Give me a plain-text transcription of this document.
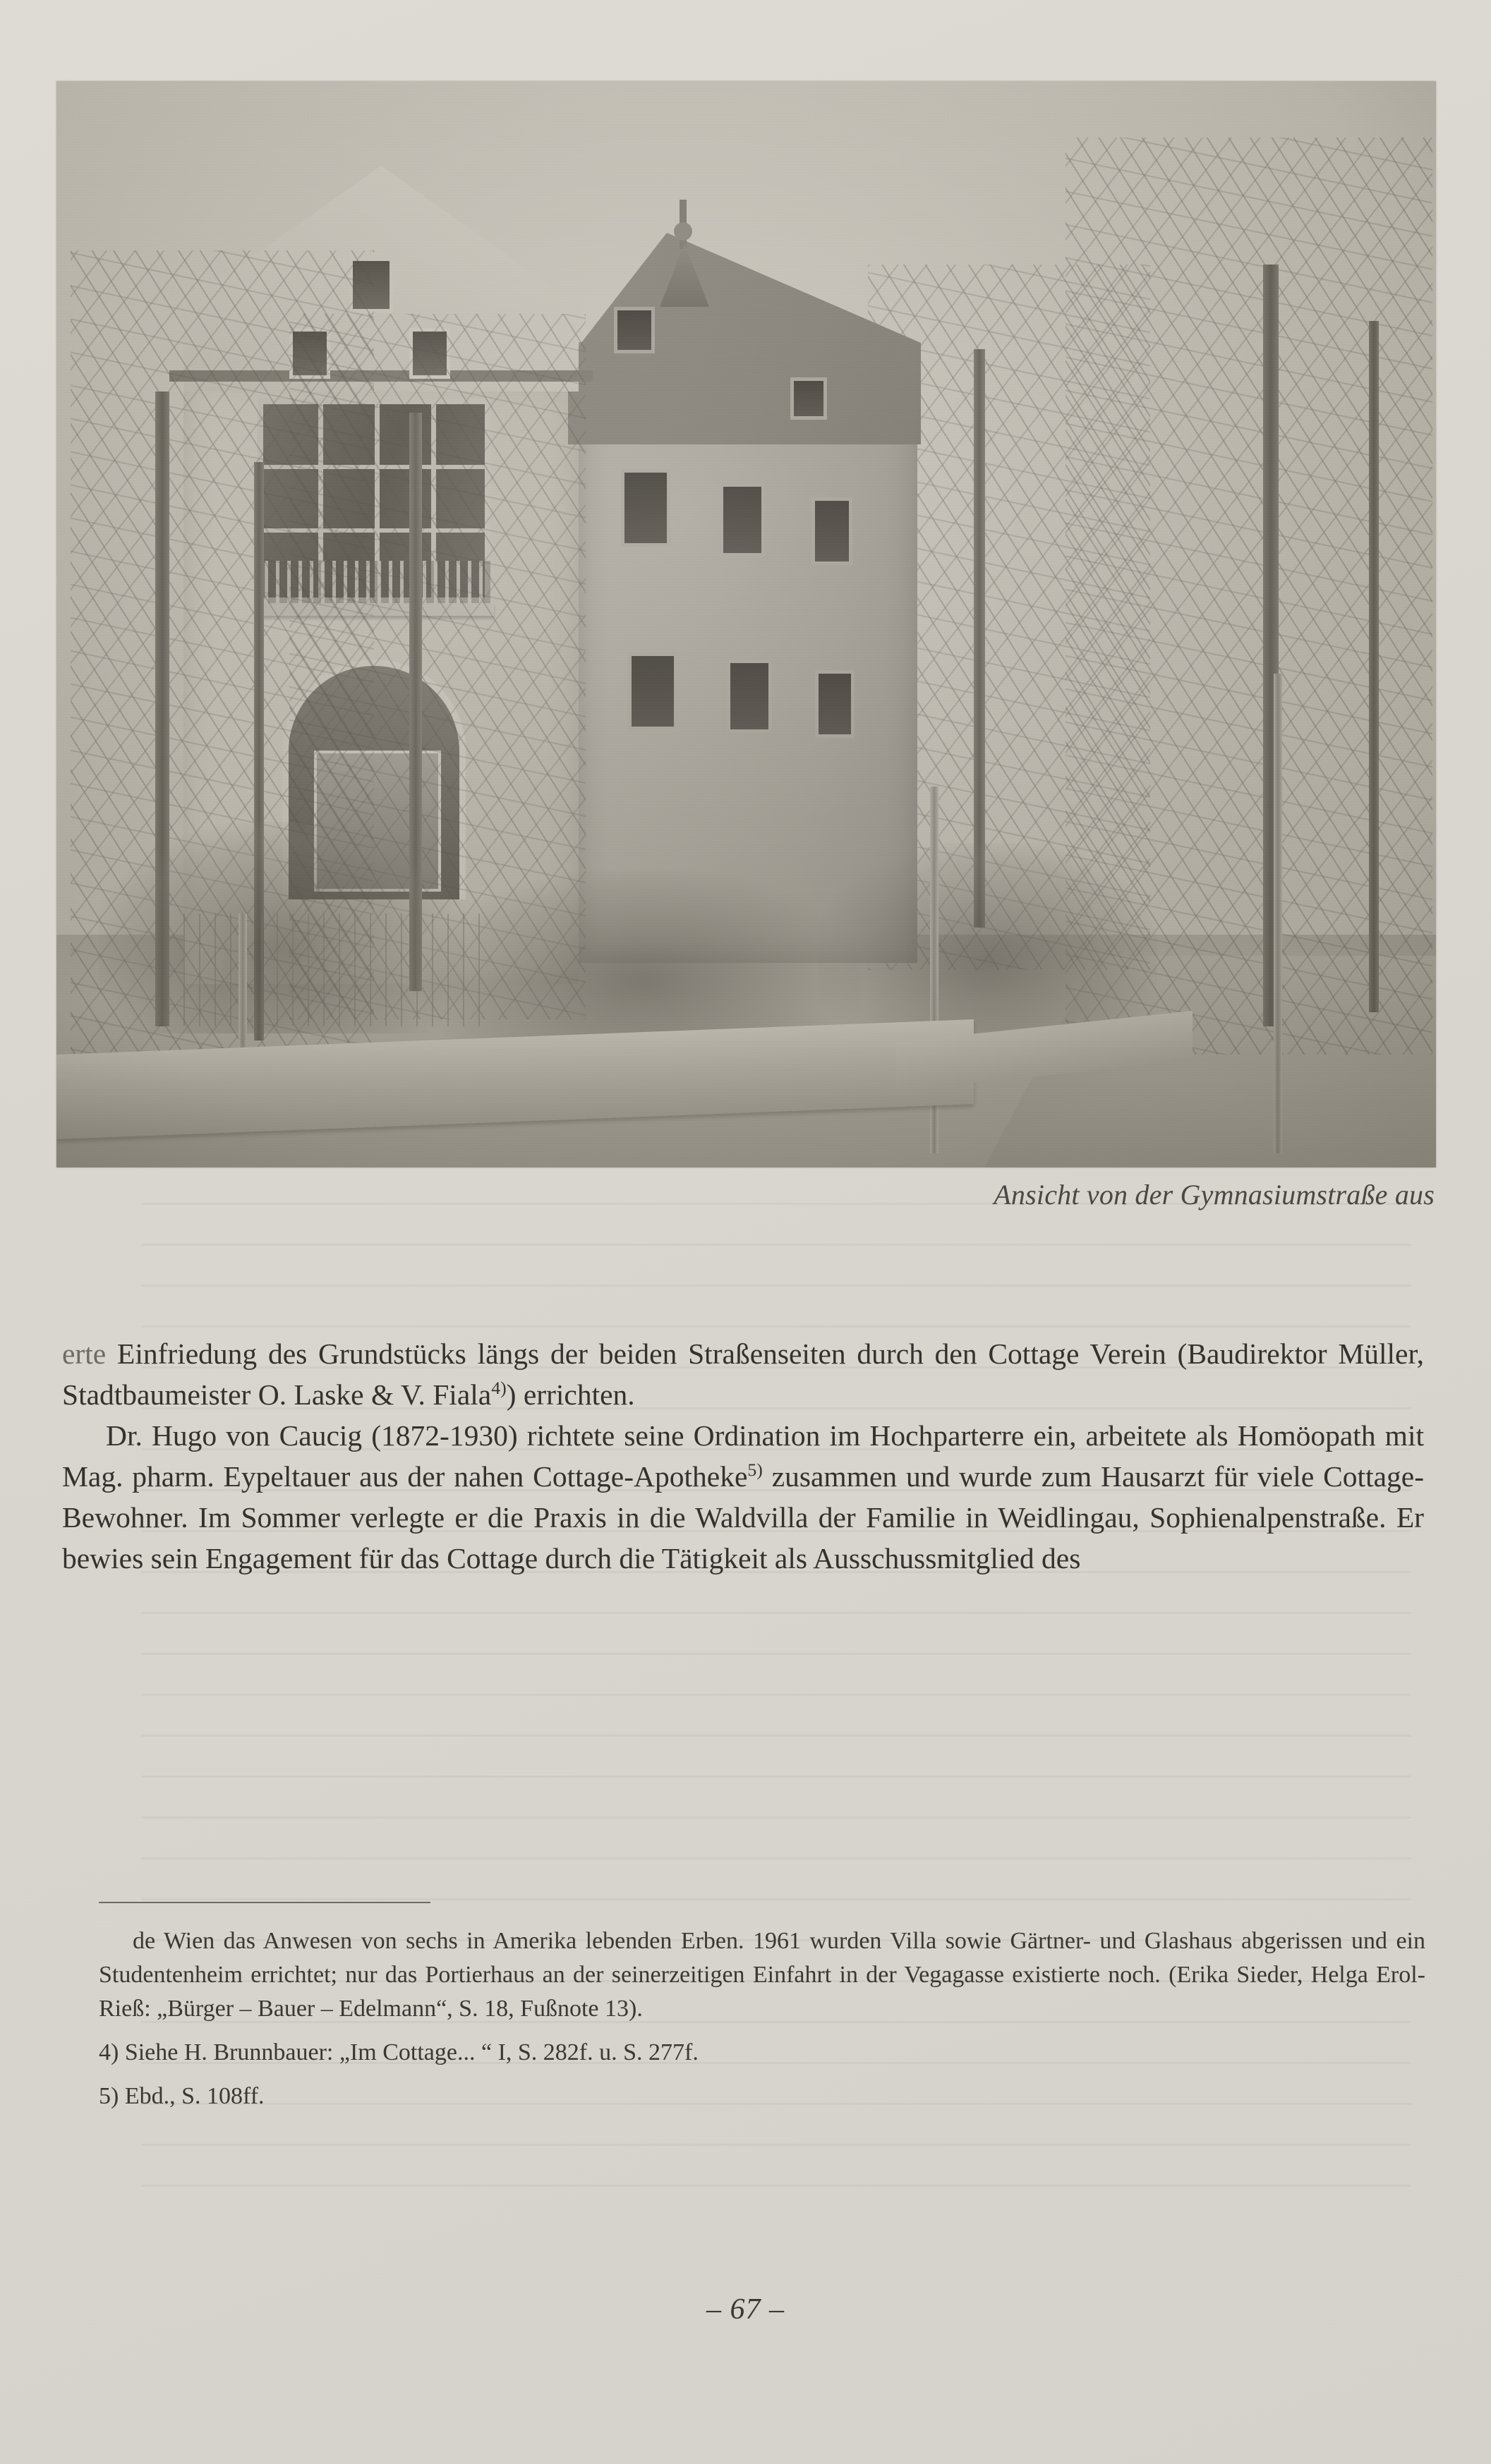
Ansicht von der Gymnasiumstraße aus

erte Einfriedung des Grundstücks längs der beiden Straßenseiten durch den Cottage Verein (Baudirektor Müller, Stadtbaumeister O. Laske & V. Fiala$^{4)}$) errichten.

Dr. Hugo von Caucig (1872-1930) richtete seine Ordination im Hochparterre ein, arbeitete als Homöopath mit Mag. pharm. Eypeltauer aus der nahen Cottage-Apotheke$^{5)}$ zusammen und wurde zum Hausarzt für viele Cottage-Bewohner. Im Sommer verlegte er die Praxis in die Waldvilla der Familie in Weidlingau, Sophienalpenstraße. Er bewies sein Engagement für das Cottage durch die Tätigkeit als Ausschussmitglied des

de Wien das Anwesen von sechs in Amerika lebenden Erben. 1961 wurden Villa sowie Gärtner- und Glashaus abgerissen und ein Studentenheim errichtet; nur das Portierhaus an der seinerzeitigen Einfahrt in der Vegagasse existierte noch. (Erika Sieder, Helga Erol-Rieß: „Bürger – Bauer – Edelmann“, S. 18, Fußnote 13).

4) Siehe H. Brunnbauer: „Im Cottage... “ I, S. 282f. u. S. 277f.

5) Ebd., S. 108ff.

– 67 –
